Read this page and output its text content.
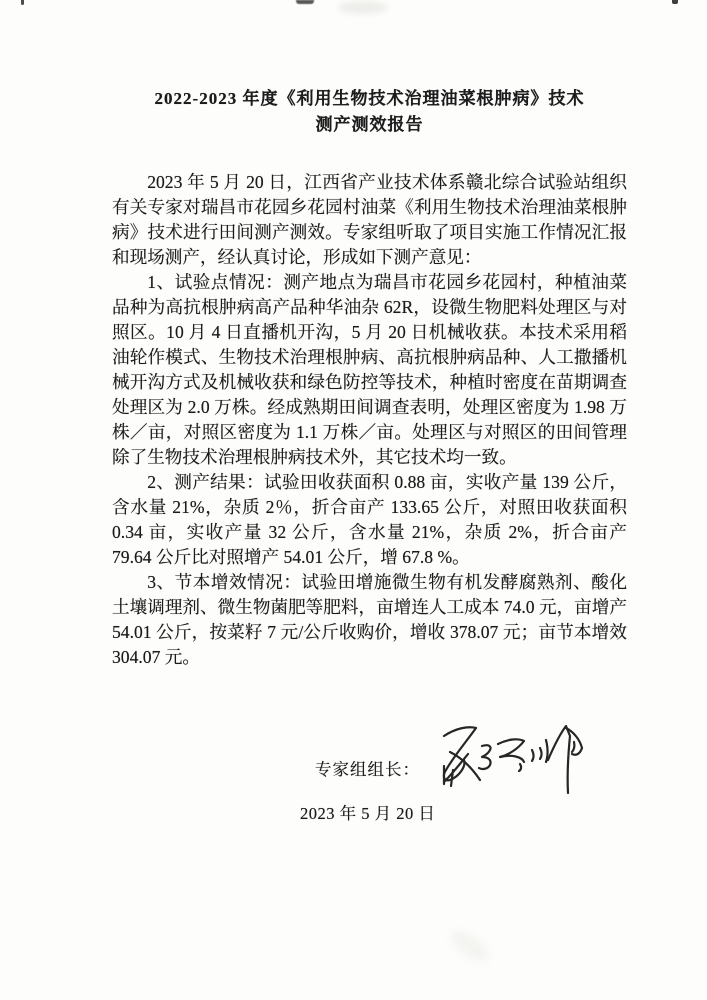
2022-2023 年度《利用生物技术治理油菜根肿病》技术
测产测效报告

2023 年 5 月 20 日，江西省产业技术体系赣北综合试验站组织有关专家对瑞昌市花园乡花园村油菜《利用生物技术治理油菜根肿病》技术进行田间测产测效。专家组听取了项目实施工作情况汇报和现场测产，经认真讨论，形成如下测产意见：

1、试验点情况：测产地点为瑞昌市花园乡花园村，种植油菜品种为高抗根肿病高产品种华油杂 62R，设微生物肥料处理区与对照区。10 月 4 日直播机开沟，5 月 20 日机械收获。本技术采用稻油轮作模式、生物技术治理根肿病、高抗根肿病品种、人工撒播机械开沟方式及机械收获和绿色防控等技术，种植时密度在苗期调查处理区为 2.0 万株。经成熟期田间调查表明，处理区密度为 1.98 万株／亩，对照区密度为 1.1 万株／亩。处理区与对照区的田间管理除了生物技术治理根肿病技术外，其它技术均一致。

2、测产结果：试验田收获面积 0.88 亩，实收产量 139 公斤，含水量 21%，杂质 2％，折合亩产 133.65 公斤，对照田收获面积 0.34 亩，实收产量 32 公斤，含水量 21%，杂质 2%，折合亩产 79.64 公斤比对照增产 54.01 公斤，增 67.8 %。

3、节本增效情况：试验田增施微生物有机发酵腐熟剂、酸化土壤调理剂、微生物菌肥等肥料，亩增连人工成本 74.0 元，亩增产 54.01 公斤，按菜籽 7 元/公斤收购价，增收 378.07 元；亩节本增效 304.07 元。

专家组组长：
2023 年 5 月 20 日
